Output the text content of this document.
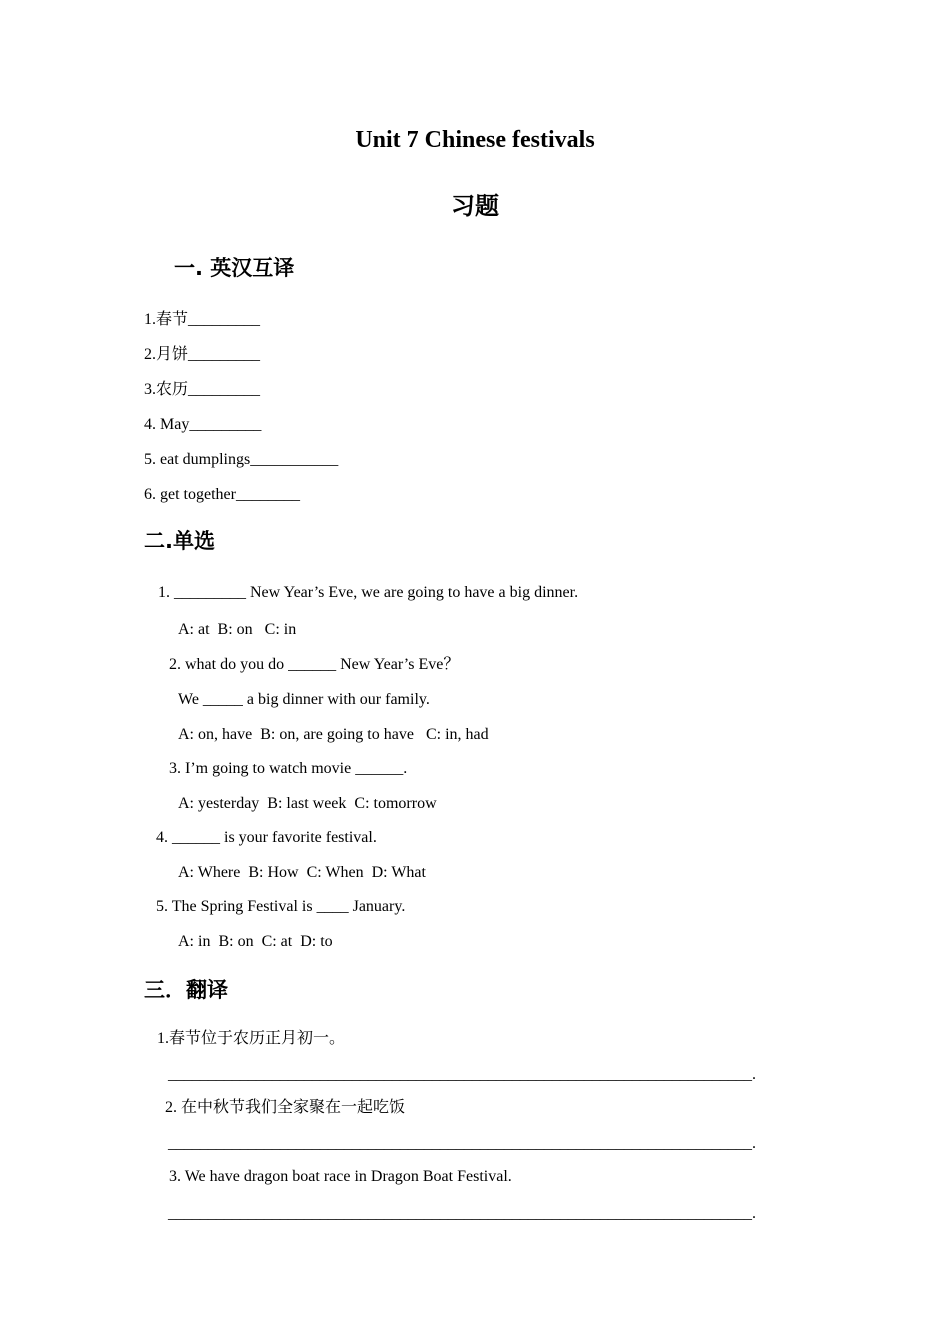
Unit 7 Chinese festivals
习题
一. 英汉互译
1.春节_________
2.月饼_________
3.农历_________
4. May_________
5. eat dumplings___________
6. get together________
二.单选
1. _________ New Year’s Eve, we are going to have a big dinner.
A: at  B: on   C: in
2. what do you do ______ New Year’s Eve？
We _____ a big dinner with our family.
A: on, have  B: on, are going to have   C: in, had
3. I’m going to watch movie ______.
A: yesterday  B: last week  C: tomorrow
4. ______ is your favorite festival.
A: Where  B: How  C: When  D: What
5. The Spring Festival is ____ January.
A: in  B: on  C: at  D: to
三．翻译
1.春节位于农历正月初一。
_________________________________________________________________________.
2. 在中秋节我们全家聚在一起吃饭
_________________________________________________________________________.
3. We have dragon boat race in Dragon Boat Festival.
_________________________________________________________________________.
